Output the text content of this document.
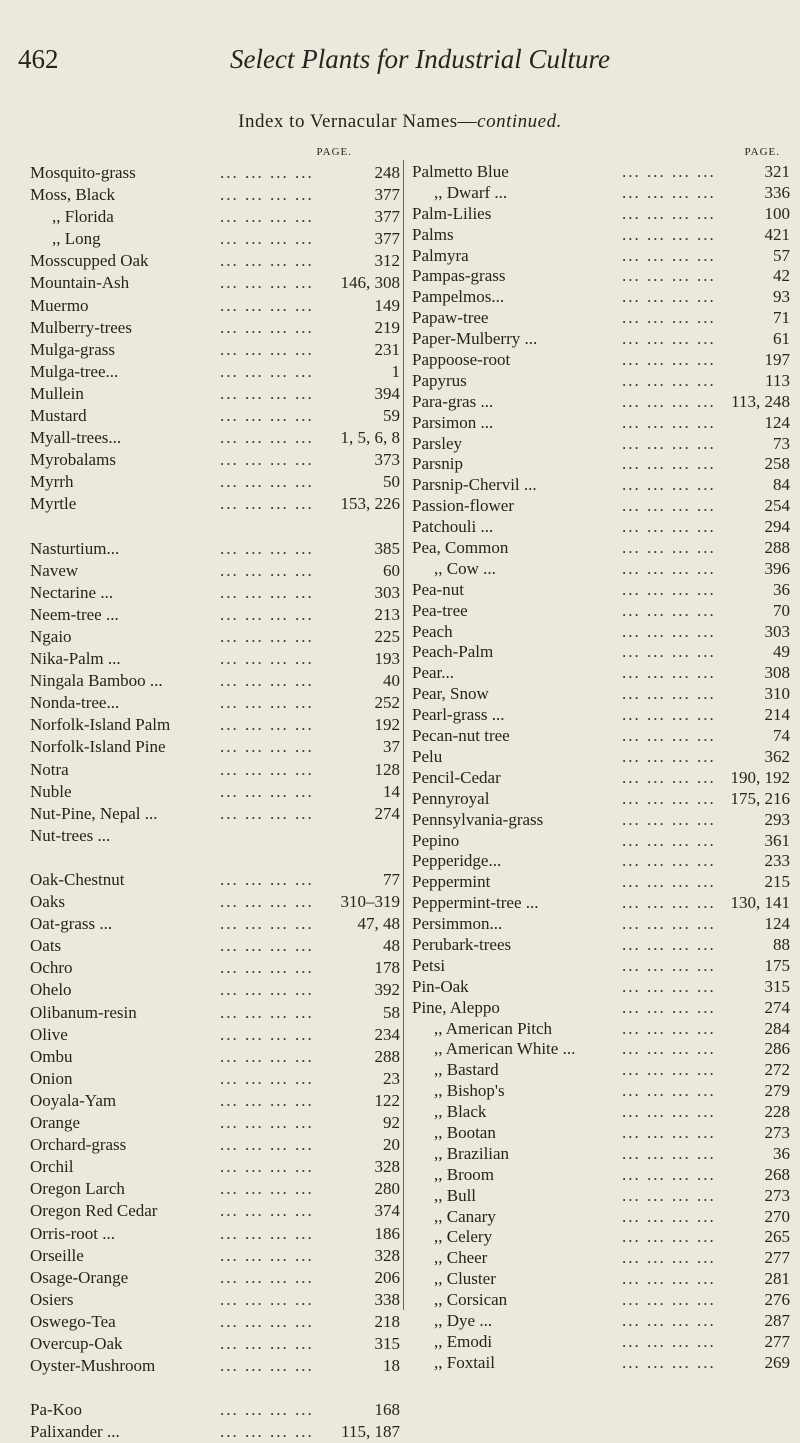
462	Select Plants for Industrial Culture
Index to Vernacular Names—continued.
PAGE.
Mosquito-grass	... ... ... ...	248
Moss, Black	... ... ... ...	377
,, Florida	... ... ... ...	377
,, Long	... ... ... ...	377
Mosscupped Oak	... ... ... ...	312
Mountain-Ash	... ... ... ... 146, 308
Muermo	... ... ... ...	149
Mulberry-trees	... ... ... ...	219
Mulga-grass	... ... ... ...	231
Mulga-tree...	... ... ... ...	1
Mullein	... ... ... ...	394
Mustard	... ... ... ...	59
Myall-trees...	... ... ... ... 1, 5, 6, 8
Myrobalams	... ... ... ...	373
Myrrh	... ... ... ...	50
Myrtle	... ... ... ... 153, 226
Nasturtium...	... ... ... ...	385
Navew	... ... ... ...	60
Nectarine ...	... ... ... ...	303
Neem-tree ...	... ... ... ...	213
Ngaio	... ... ... ...	225
Nika-Palm ...	... ... ... ...	193
Ningala Bamboo ...	... ... ... ...	40
Nonda-tree...	... ... ... ...	252
Norfolk-Island Palm	... ... ... ...	192
Norfolk-Island Pine	... ... ... ...	37
Notra	... ... ... ...	128
Nuble	... ... ... ...	14
Nut-Pine, Nepal ...	... ... ... ...	274
Nut-trees ...
Oak-Chestnut	... ... ... ...	77
Oaks	... ... ... ... 310–319
Oat-grass ...	... ... ... ...	47, 48
Oats	... ... ... ...	48
Ochro	... ... ... ...	178
Ohelo	... ... ... ...	392
Olibanum-resin	... ... ... ...	58
Olive	... ... ... ...	234
Ombu	... ... ... ...	288
Onion	... ... ... ...	23
Ooyala-Yam	... ... ... ...	122
Orange	... ... ... ...	92
Orchard-grass	... ... ... ...	20
Orchil	... ... ... ...	328
Oregon Larch	... ... ... ...	280
Oregon Red Cedar	... ... ... ...	374
Orris-root ...	... ... ... ...	186
Orseille	... ... ... ...	328
Osage-Orange	... ... ... ...	206
Osiers	... ... ... ...	338
Oswego-Tea	... ... ... ...	218
Overcup-Oak	... ... ... ...	315
Oyster-Mushroom	... ... ... ...	18
Pa-Koo	... ... ... ...	168
Palixander ...	... ... ... ... 115, 187
PAGE.
Palmetto Blue	... ... ... ...	321
,, Dwarf ...	... ... ... ...	336
Palm-Lilies	... ... ... ...	100
Palms	... ... ... ...	421
Palmyra	... ... ... ...	57
Pampas-grass	... ... ... ...	42
Pampelmos...	... ... ... ...	93
Papaw-tree	... ... ... ...	71
Paper-Mulberry ...	... ... ... ...	61
Pappoose-root	... ... ... ...	197
Papyrus	... ... ... ...	113
Para-gras ...	... ... ... ... 113, 248
Parsimon ...	... ... ... ...	124
Parsley	... ... ... ...	73
Parsnip	... ... ... ...	258
Parsnip-Chervil ...	... ... ... ...	84
Passion-flower	... ... ... ...	254
Patchouli ...	... ... ... ...	294
Pea, Common	... ... ... ...	288
,, Cow ...	... ... ... ...	396
Pea-nut	... ... ... ...	36
Pea-tree	... ... ... ...	70
Peach	... ... ... ...	303
Peach-Palm	... ... ... ...	49
Pear...	... ... ... ...	308
Pear, Snow	... ... ... ...	310
Pearl-grass ...	... ... ... ...	214
Pecan-nut tree	... ... ... ...	74
Pelu	... ... ... ...	362
Pencil-Cedar	... ... ... ... 190, 192
Pennyroyal	... ... ... ... 175, 216
Pennsylvania-grass	... ... ... ...	293
Pepino	... ... ... ...	361
Pepperidge...	... ... ... ...	233
Peppermint	... ... ... ...	215
Peppermint-tree ...	... ... ... ... 130, 141
Persimmon...	... ... ... ...	124
Perubark-trees	... ... ... ...	88
Petsi	... ... ... ...	175
Pin-Oak	... ... ... ...	315
Pine, Aleppo	... ... ... ...	274
,, American Pitch	... ... ... ...	284
,, American White ...	... ... ... ...	286
,, Bastard	... ... ... ...	272
,, Bishop's	... ... ... ...	279
,, Black	... ... ... ...	228
,, Bootan	... ... ... ...	273
,, Brazilian	... ... ... ...	36
,, Broom	... ... ... ...	268
,, Bull	... ... ... ...	273
,, Canary	... ... ... ...	270
,, Celery	... ... ... ...	265
,, Cheer	... ... ... ...	277
,, Cluster	... ... ... ...	281
,, Corsican	... ... ... ...	276
,, Dye ...	... ... ... ...	287
,, Emodi	... ... ... ...	277
,, Foxtail	... ... ... ...	269
